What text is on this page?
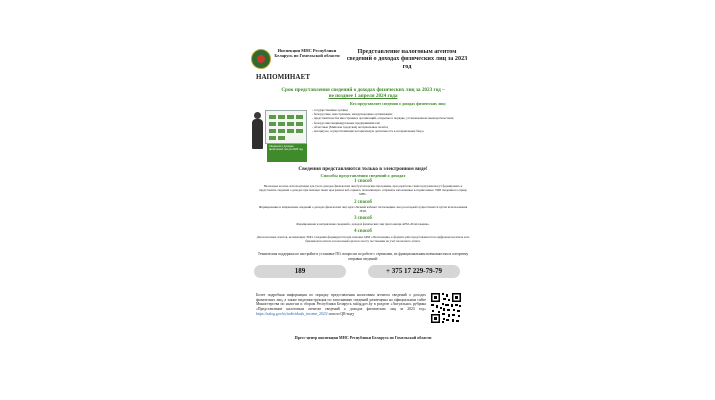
Инспекция МНС Республики Беларусь по Гомельской области
Представление налоговым агентом сведений о доходах физических лиц за 2023 год
НАПОМИНАЕТ
Срок представления сведений о доходах физических лиц за 2023 год –
не позднее 1 апреля 2024 года
Кто представляет сведения о доходах физических лиц:
Сведения о доходах физических лиц за 2023 год
- государственные органы;
- белорусские, иностранные, международные организации;
- представительства иностранных организаций, открытые в порядке, установленном законодательством;
- белорусские индивидуальные предприниматели;
- областные (Минская городская) нотариальные палаты;
- нотариусы, осуществляющие нотариальную деятельность в нотариальных бюро.
Сведения представляются только в электронном виде!
Способы представления сведений о доходах
1 способ
Налоговые агенты, использующие для учета доходов физических лиц бухгалтерские программы, при доработке таких программ могут формировать и представлять сведения о доходах при помощи таких программ и веб-сервиса, позволяющего отправить заполненные и подписанные ЭЦП сведения на сервер МНС.
2 способ
Формирование и направление сведений о доходах физических лиц через Личный кабинет плательщика, вход в который осуществляется путем использования ЭЦП.
3 способ
Формирование и направление сведений о доходах физических лиц при помощи АРМ «Плательщик».
4 способ
Для налоговых агентов, не имеющих ЭЦП. Сведения формируются при помощи АРМ «Плательщик» в формате pmx представляются на цифровом носителе и на бумажном носителе в налоговый орган по месту постановки на учет налогового агента.
Техническая поддержка по настройке и установке ПО, вопросам по работе с сервисами, их функциональным возможностям и алгоритму отправки сведений:
189	+ 375 17 229-79-79
Более подробная информация по порядку представления налоговым агентом сведений о доходах физических лиц, а также видеоинструкция по заполнению сведений размещены на официальном сайте Министерства по налогам и сборам Республики Беларусь nalog.gov.by в разделе «Актуально» рубрика «Представление налоговым агентом сведений о доходах физических лиц за 2023 год» https://nalog.gov.by/individuals_income_2023/ или по QR-коду
Пресс-центр инспекции МНС Республики Беларусь по Гомельской области
